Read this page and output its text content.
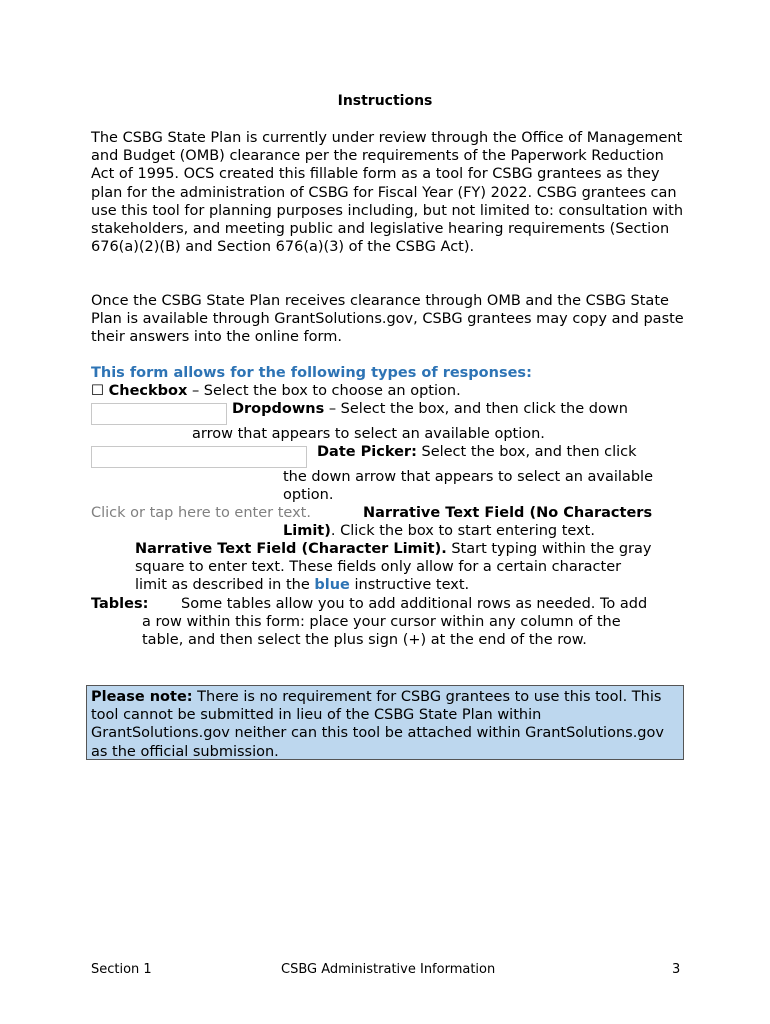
Instructions
The CSBG State Plan is currently under review through the Office of Management and Budget (OMB) clearance per the requirements of the Paperwork Reduction Act of 1995. OCS created this fillable form as a tool for CSBG grantees as they plan for the administration of CSBG for Fiscal Year (FY) 2022. CSBG grantees can use this tool for planning purposes including, but not limited to: consultation with stakeholders, and meeting public and legislative hearing requirements (Section 676(a)(2)(B) and Section 676(a)(3) of the CSBG Act).
Once the CSBG State Plan receives clearance through OMB and the CSBG State Plan is available through GrantSolutions.gov, CSBG grantees may copy and paste their answers into the online form.
This form allows for the following types of responses:
☐ Checkbox – Select the box to choose an option.
Dropdowns – Select the box, and then click the down
arrow that appears to select an available option.
Date Picker: Select the box, and then click
the down arrow that appears to select an available
option.
Click or tap here to enter text.	Narrative Text Field (No Characters
Limit). Click the box to start entering text.
Narrative Text Field (Character Limit). Start typing within the gray
square to enter text. These fields only allow for a certain character
limit as described in the blue instructive text.
Tables: Some tables allow you to add additional rows as needed. To add
a row within this form: place your cursor within any column of the
table, and then select the plus sign (+) at the end of the row.
Please note: There is no requirement for CSBG grantees to use this tool. This tool cannot be submitted in lieu of the CSBG State Plan within GrantSolutions.gov neither can this tool be attached within GrantSolutions.gov as the official submission.
Section 1	CSBG Administrative Information	3
